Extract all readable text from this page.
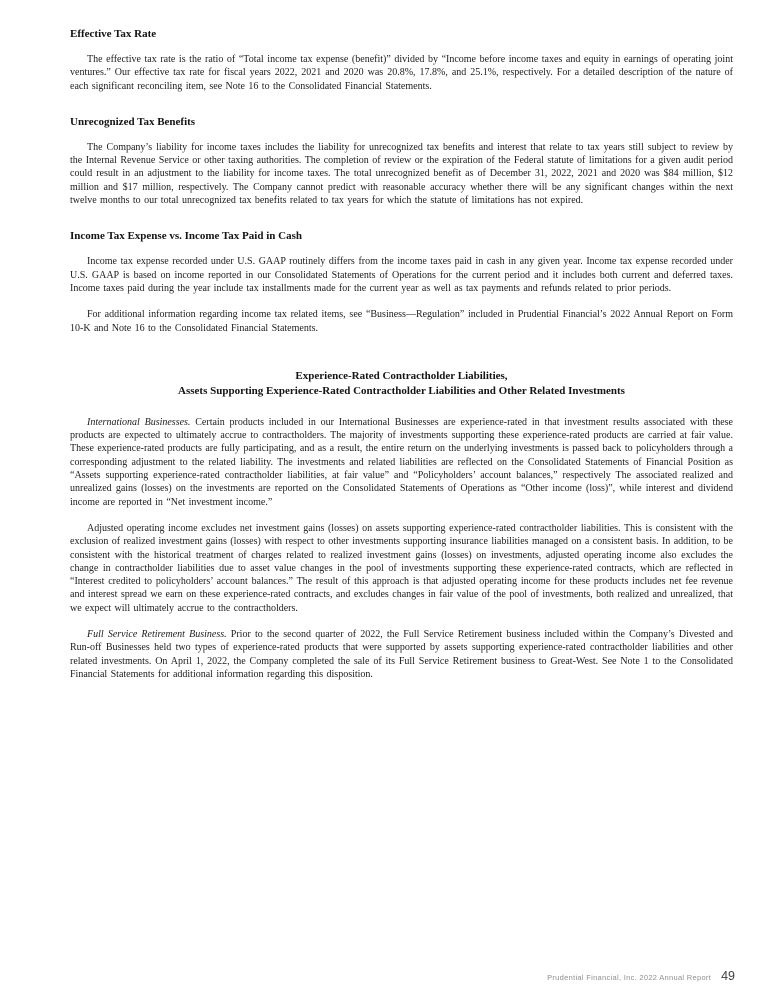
Effective Tax Rate

The effective tax rate is the ratio of “Total income tax expense (benefit)” divided by “Income before income taxes and equity in earnings of operating joint ventures.” Our effective tax rate for fiscal years 2022, 2021 and 2020 was 20.8%, 17.8%, and 25.1%, respectively. For a detailed description of the nature of each significant reconciling item, see Note 16 to the Consolidated Financial Statements.

Unrecognized Tax Benefits

The Company’s liability for income taxes includes the liability for unrecognized tax benefits and interest that relate to tax years still subject to review by the Internal Revenue Service or other taxing authorities. The completion of review or the expiration of the Federal statute of limitations for a given audit period could result in an adjustment to the liability for income taxes. The total unrecognized benefit as of December 31, 2022, 2021 and 2020 was $84 million, $12 million and $17 million, respectively. The Company cannot predict with reasonable accuracy whether there will be any significant changes within the next twelve months to our total unrecognized tax benefits related to tax years for which the statute of limitations has not expired.

Income Tax Expense vs. Income Tax Paid in Cash

Income tax expense recorded under U.S. GAAP routinely differs from the income taxes paid in cash in any given year. Income tax expense recorded under U.S. GAAP is based on income reported in our Consolidated Statements of Operations for the current period and it includes both current and deferred taxes. Income taxes paid during the year include tax installments made for the current year as well as tax payments and refunds related to prior periods.

For additional information regarding income tax related items, see “Business—Regulation” included in Prudential Financial’s 2022 Annual Report on Form 10-K and Note 16 to the Consolidated Financial Statements.

Experience-Rated Contractholder Liabilities,
Assets Supporting Experience-Rated Contractholder Liabilities and Other Related Investments

International Businesses. Certain products included in our International Businesses are experience-rated in that investment results associated with these products are expected to ultimately accrue to contractholders. The majority of investments supporting these experience-rated products are carried at fair value. These experience-rated products are fully participating, and as a result, the entire return on the underlying investments is passed back to policyholders through a corresponding adjustment to the related liability. The investments and related liabilities are reflected on the Consolidated Statements of Financial Position as “Assets supporting experience-rated contractholder liabilities, at fair value” and “Policyholders’ account balances,” respectively The associated realized and unrealized gains (losses) on the investments are reported on the Consolidated Statements of Operations as “Other income (loss)”, while interest and dividend income are reported in “Net investment income.”

Adjusted operating income excludes net investment gains (losses) on assets supporting experience-rated contractholder liabilities. This is consistent with the exclusion of realized investment gains (losses) with respect to other investments supporting insurance liabilities managed on a consistent basis. In addition, to be consistent with the historical treatment of charges related to realized investment gains (losses) on investments, adjusted operating income also excludes the change in contractholder liabilities due to asset value changes in the pool of investments supporting these experience-rated contracts, which are reflected in “Interest credited to policyholders’ account balances.” The result of this approach is that adjusted operating income for these products includes net fee revenue and interest spread we earn on these experience-rated contracts, and excludes changes in fair value of the pool of investments, both realized and unrealized, that we expect will ultimately accrue to the contractholders.

Full Service Retirement Business. Prior to the second quarter of 2022, the Full Service Retirement business included within the Company’s Divested and Run-off Businesses held two types of experience-rated products that were supported by assets supporting experience-rated contractholder liabilities and other related investments. On April 1, 2022, the Company completed the sale of its Full Service Retirement business to Great-West. See Note 1 to the Consolidated Financial Statements for additional information regarding this disposition.

Prudential Financial, Inc. 2022 Annual Report 49
